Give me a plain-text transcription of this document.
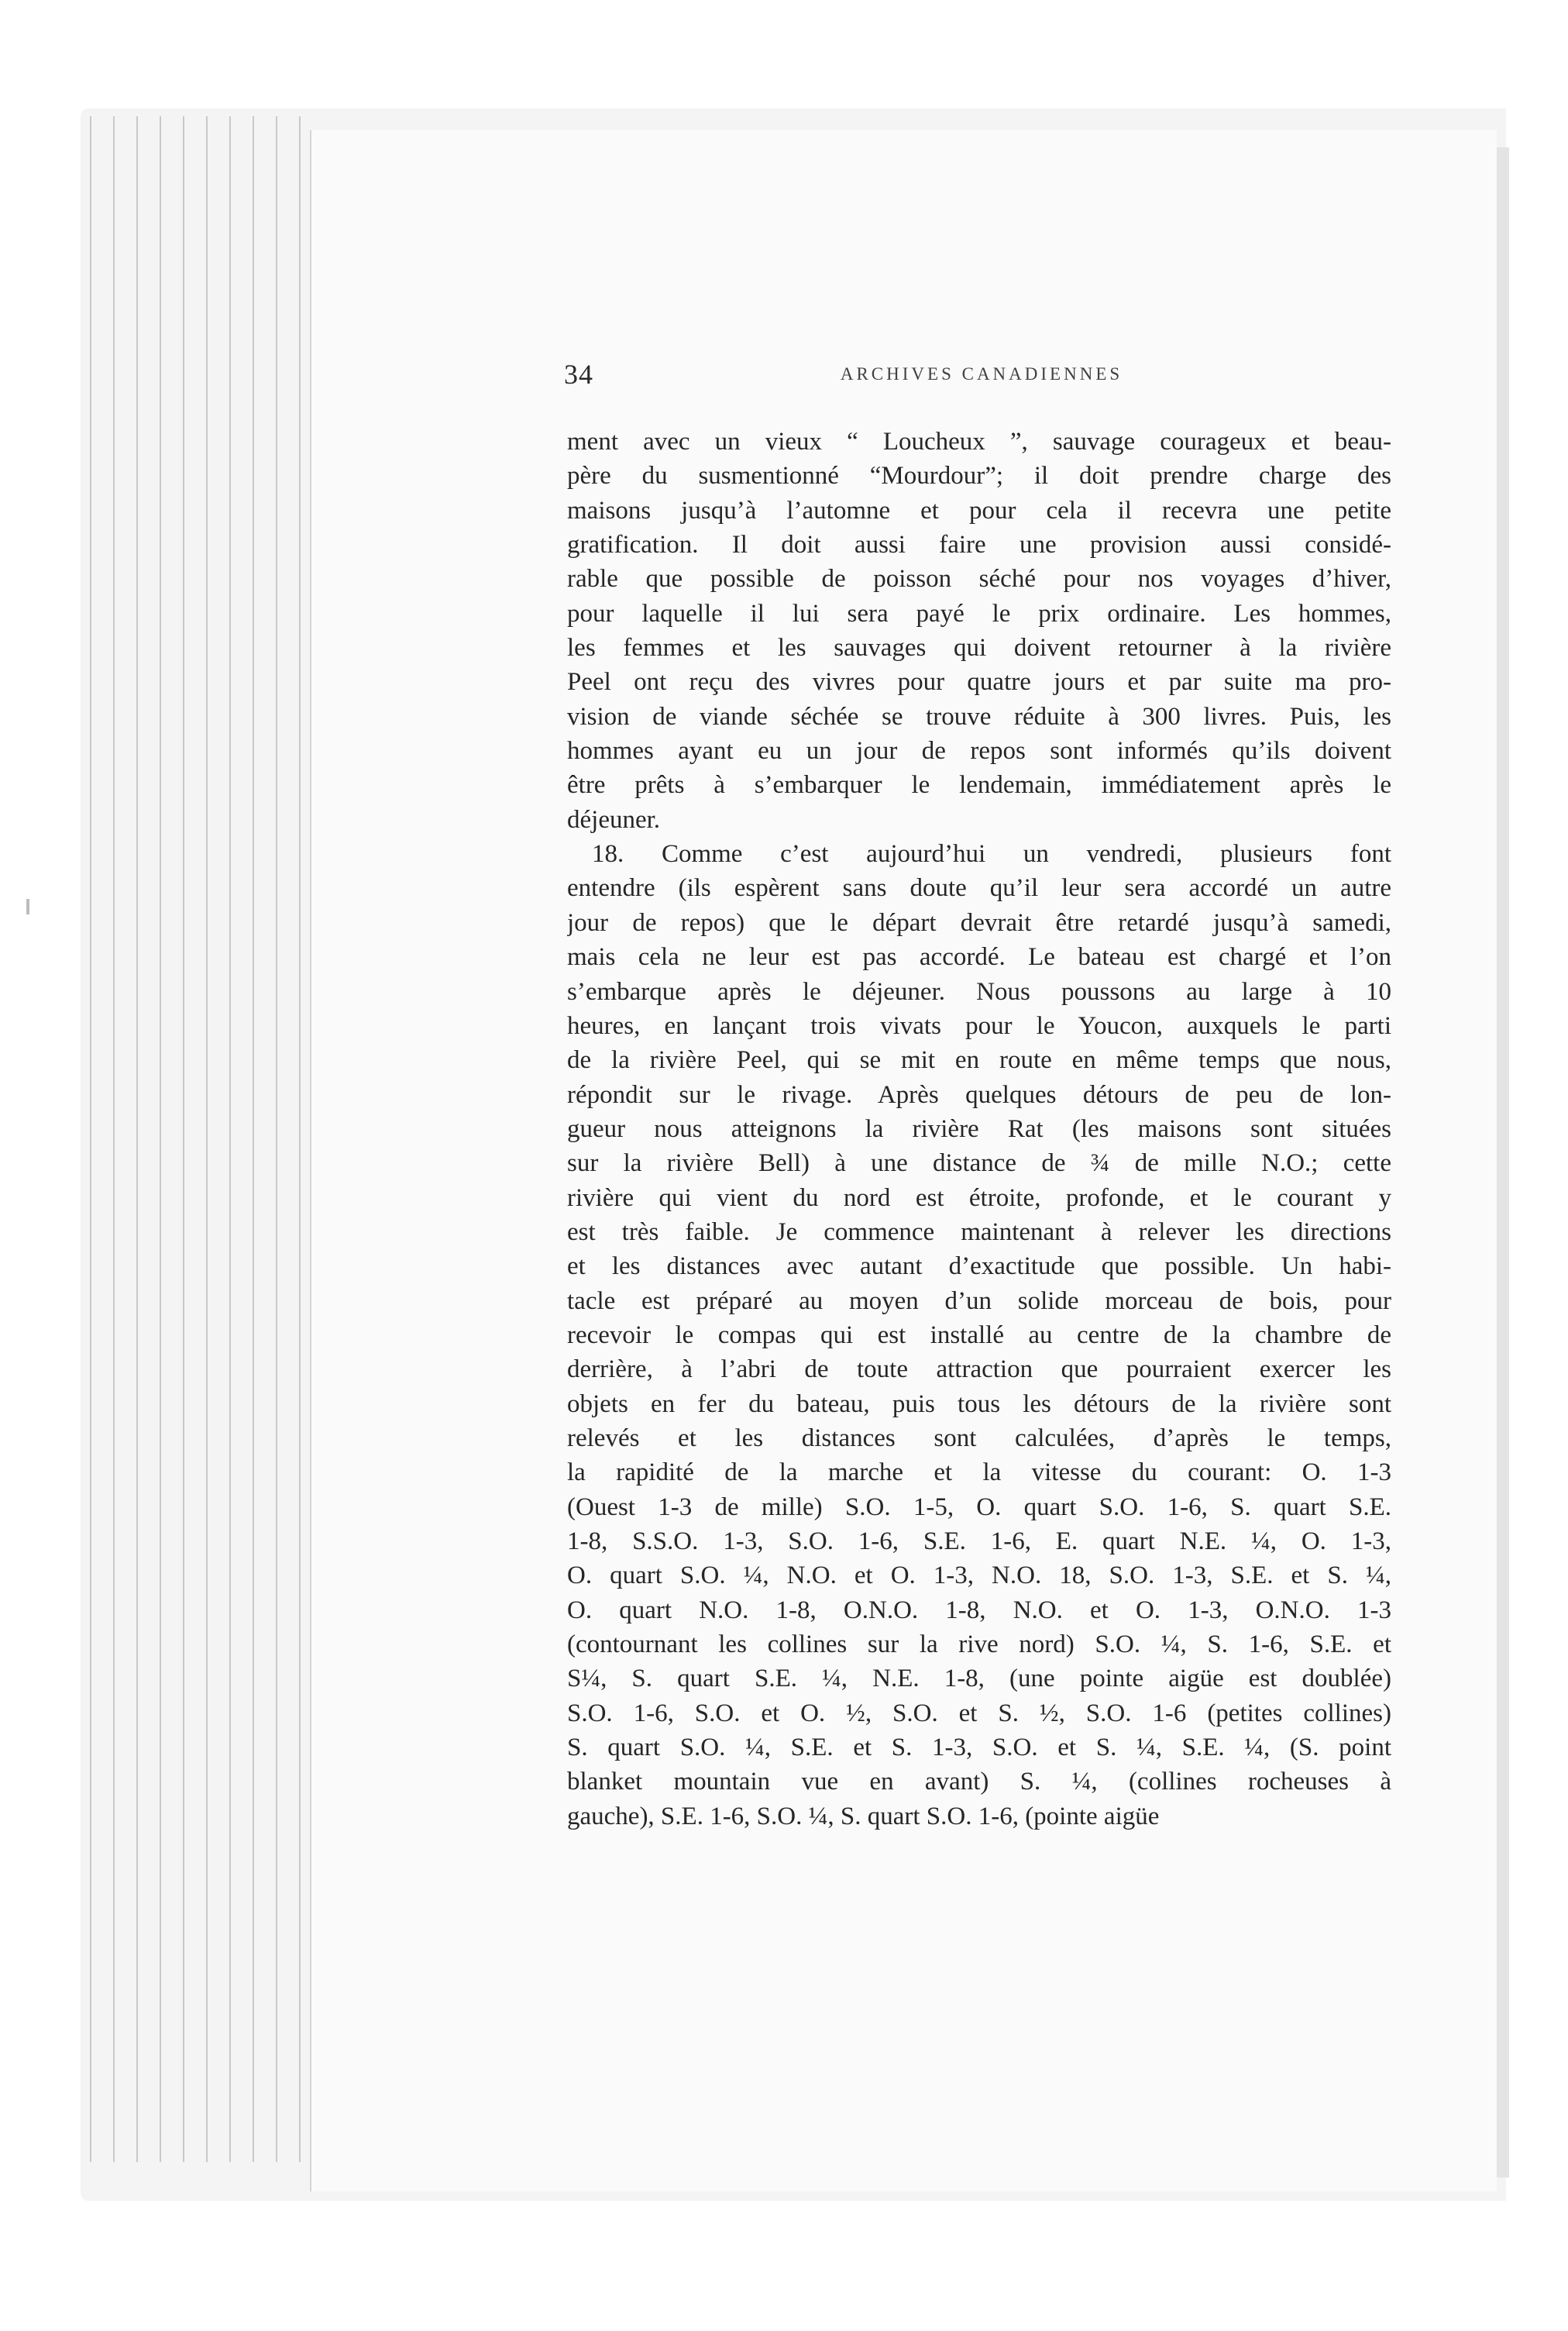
34	ARCHIVES CANADIENNES
ment avec un vieux “ Loucheux ”, sauvage courageux et beau-
père du susmentionné “Mourdour”; il doit prendre charge des
maisons jusqu’à l’automne et pour cela il recevra une petite
gratification. Il doit aussi faire une provision aussi considé-
rable que possible de poisson séché pour nos voyages d’hiver,
pour laquelle il lui sera payé le prix ordinaire. Les hommes,
les femmes et les sauvages qui doivent retourner à la rivière
Peel ont reçu des vivres pour quatre jours et par suite ma pro-
vision de viande séchée se trouve réduite à 300 livres. Puis, les
hommes ayant eu un jour de repos sont informés qu’ils doivent
être prêts à s’embarquer le lendemain, immédiatement après le
déjeuner.
18. Comme c’est aujourd’hui un vendredi, plusieurs font
entendre (ils espèrent sans doute qu’il leur sera accordé un autre
jour de repos) que le départ devrait être retardé jusqu’à samedi,
mais cela ne leur est pas accordé. Le bateau est chargé et l’on
s’embarque après le déjeuner. Nous poussons au large à 10
heures, en lançant trois vivats pour le Youcon, auxquels le parti
de la rivière Peel, qui se mit en route en même temps que nous,
répondit sur le rivage. Après quelques détours de peu de lon-
gueur nous atteignons la rivière Rat (les maisons sont situées
sur la rivière Bell) à une distance de ¾ de mille N.O.; cette
rivière qui vient du nord est étroite, profonde, et le courant y
est très faible. Je commence maintenant à relever les directions
et les distances avec autant d’exactitude que possible. Un habi-
tacle est préparé au moyen d’un solide morceau de bois, pour
recevoir le compas qui est installé au centre de la chambre de
derrière, à l’abri de toute attraction que pourraient exercer les
objets en fer du bateau, puis tous les détours de la rivière sont
relevés et les distances sont calculées, d’après le temps,
la rapidité de la marche et la vitesse du courant: O. 1-3
(Ouest 1-3 de mille) S.O. 1-5, O. quart S.O. 1-6, S. quart S.E.
1-8, S.S.O. 1-3, S.O. 1-6, S.E. 1-6, E. quart N.E. ¼, O. 1-3,
O. quart S.O. ¼, N.O. et O. 1-3, N.O. 18, S.O. 1-3, S.E. et S. ¼,
O. quart N.O. 1-8, O.N.O. 1-8, N.O. et O. 1-3, O.N.O. 1-3
(contournant les collines sur la rive nord) S.O. ¼, S. 1-6, S.E. et
S¼, S. quart S.E. ¼, N.E. 1-8, (une pointe aigüe est doublée)
S.O. 1-6, S.O. et O. ½, S.O. et S. ½, S.O. 1-6 (petites collines)
S. quart S.O. ¼, S.E. et S. 1-3, S.O. et S. ¼, S.E. ¼, (S. point
blanket mountain vue en avant) S. ¼, (collines rocheuses à
gauche), S.E. 1-6, S.O. ¼, S. quart S.O. 1-6, (pointe aigüe
